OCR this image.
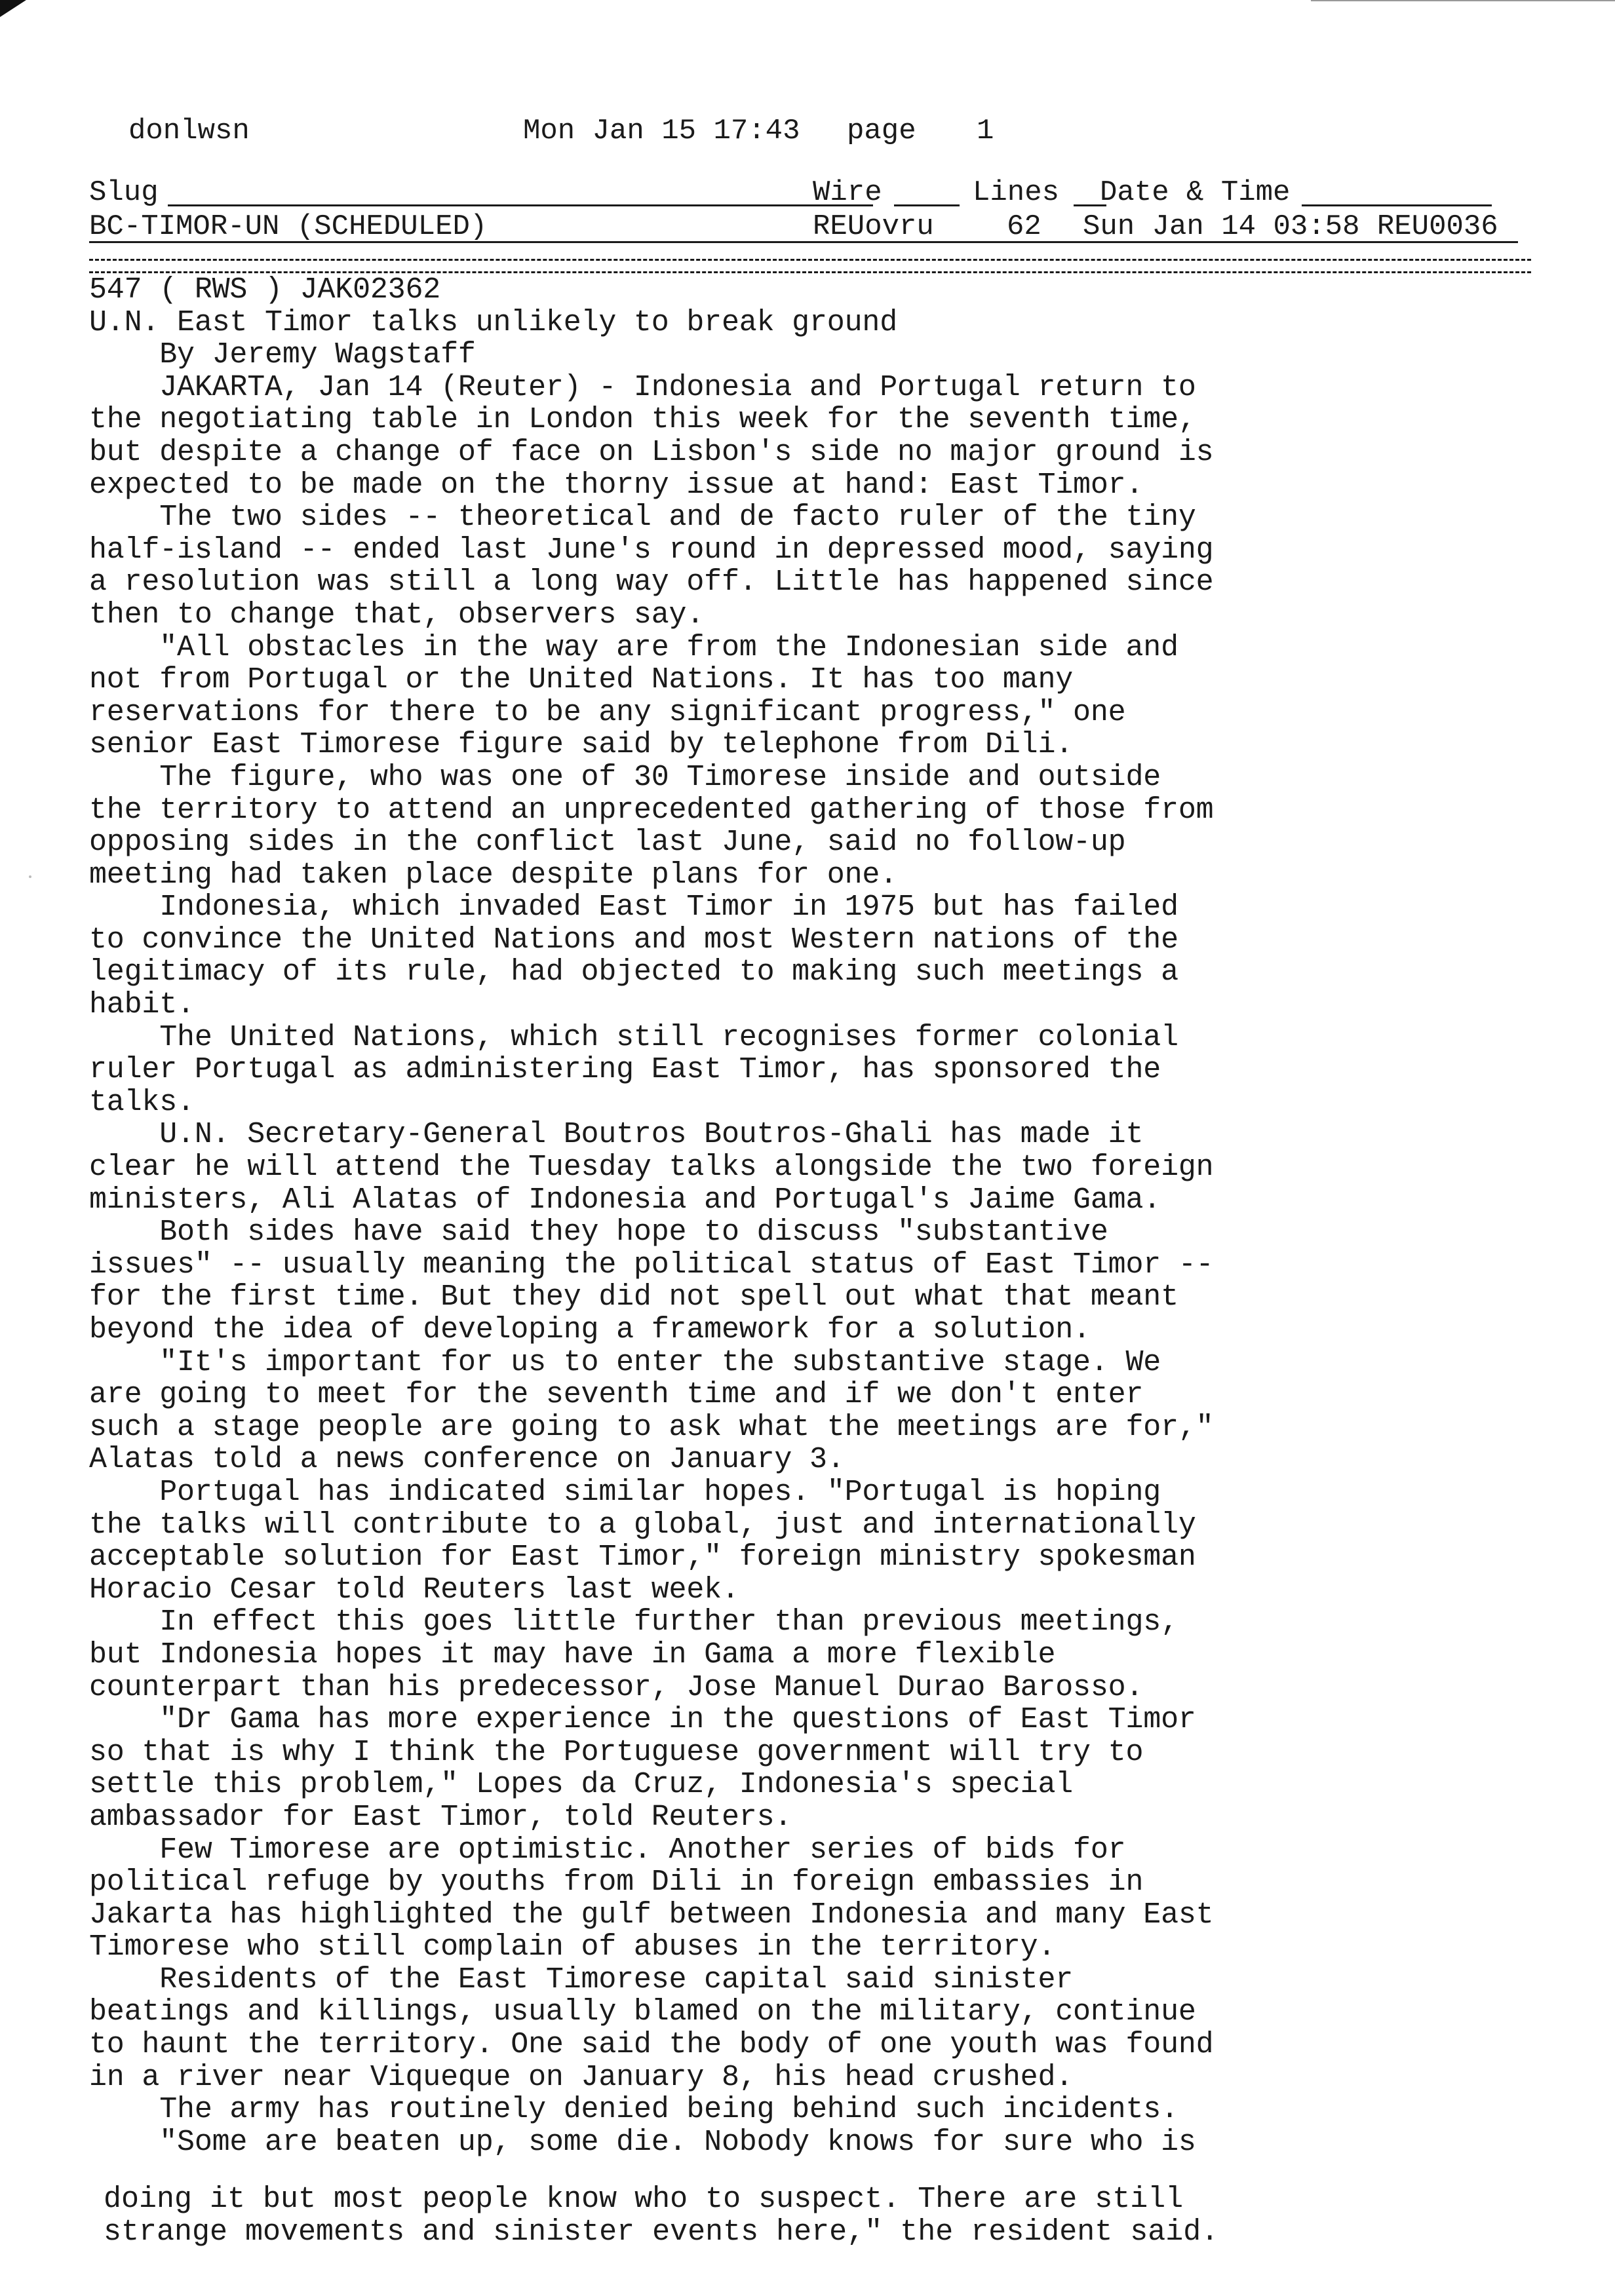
donlwsn	Mon Jan 15 17:43 page 1
Slug	Wire	Lines Date & Time
BC-TIMOR-UN (SCHEDULED)	REUovru	62 Sun Jan 14 03:58 REU0036
547 ( RWS ) JAK02362
U.N. East Timor talks unlikely to break ground
By Jeremy Wagstaff
JAKARTA, Jan 14 (Reuter) - Indonesia and Portugal return to
the negotiating table in London this week for the seventh time,
but despite a change of face on Lisbon's side no major ground is
expected to be made on the thorny issue at hand: East Timor.
The two sides -- theoretical and de facto ruler of the tiny
half-island -- ended last June's round in depressed mood, saying
a resolution was still a long way off. Little has happened since
then to change that, observers say.
"All obstacles in the way are from the Indonesian side and
not from Portugal or the United Nations. It has too many
reservations for there to be any significant progress," one
senior East Timorese figure said by telephone from Dili.
The figure, who was one of 30 Timorese inside and outside
the territory to attend an unprecedented gathering of those from
opposing sides in the conflict last June, said no follow-up
meeting had taken place despite plans for one.
Indonesia, which invaded East Timor in 1975 but has failed
to convince the United Nations and most Western nations of the
legitimacy of its rule, had objected to making such meetings a
habit.
The United Nations, which still recognises former colonial
ruler Portugal as administering East Timor, has sponsored the
talks.
U.N. Secretary-General Boutros Boutros-Ghali has made it
clear he will attend the Tuesday talks alongside the two foreign
ministers, Ali Alatas of Indonesia and Portugal's Jaime Gama.
Both sides have said they hope to discuss "substantive
issues" -- usually meaning the political status of East Timor --
for the first time. But they did not spell out what that meant
beyond the idea of developing a framework for a solution.
"It's important for us to enter the substantive stage. We
are going to meet for the seventh time and if we don't enter
such a stage people are going to ask what the meetings are for,"
Alatas told a news conference on January 3.
Portugal has indicated similar hopes. "Portugal is hoping
the talks will contribute to a global, just and internationally
acceptable solution for East Timor," foreign ministry spokesman
Horacio Cesar told Reuters last week.
In effect this goes little further than previous meetings,
but Indonesia hopes it may have in Gama a more flexible
counterpart than his predecessor, Jose Manuel Durao Barosso.
"Dr Gama has more experience in the questions of East Timor
so that is why I think the Portuguese government will try to
settle this problem," Lopes da Cruz, Indonesia's special
ambassador for East Timor, told Reuters.
Few Timorese are optimistic. Another series of bids for
political refuge by youths from Dili in foreign embassies in
Jakarta has highlighted the gulf between Indonesia and many East
Timorese who still complain of abuses in the territory.
Residents of the East Timorese capital said sinister
beatings and killings, usually blamed on the military, continue
to haunt the territory. One said the body of one youth was found
in a river near Viqueque on January 8, his head crushed.
The army has routinely denied being behind such incidents.
"Some are beaten up, some die. Nobody knows for sure who is
doing it but most people know who to suspect. There are still
strange movements and sinister events here," the resident said.
